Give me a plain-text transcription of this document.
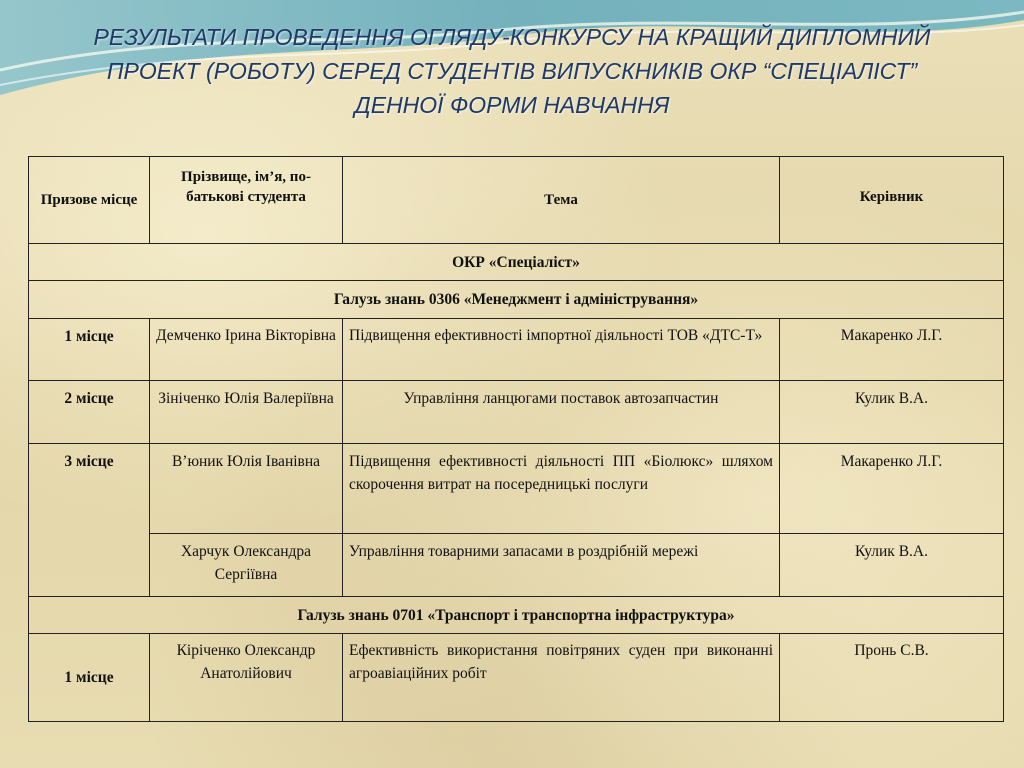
РЕЗУЛЬТАТИ ПРОВЕДЕННЯ ОГЛЯДУ-КОНКУРСУ НА КРАЩИЙ ДИПЛОМНИЙ
ПРОЕКТ (РОБОТУ) СЕРЕД СТУДЕНТІВ ВИПУСКНИКІВ ОКР “СПЕЦІАЛІСТ”
ДЕННОЇ ФОРМИ НАВЧАННЯ
Призове місце	Прізвище, ім’я, по-батькові студента	Тема	Керівник
ОКР «Спеціаліст»			
Галузь знань 0306 «Менеджмент і адміністрування»			
1 місце	Демченко Ірина Вікторівна	Підвищення ефективності імпортної діяльності ТОВ «ДТС-Т»	Макаренко Л.Г.
2 місце	Зініченко Юлія Валеріївна	Управління ланцюгами поставок автозапчастин	Кулик В.А.
3 місце	В’юник Юлія Іванівна	Підвищення ефективності діяльності ПП «Біолюкс» шляхом скорочення витрат на посередницькі послуги	Макаренко Л.Г.
	Харчук Олександра Сергіївна	Управління товарними запасами в роздрібній мережі	Кулик В.А.
Галузь знань 0701 «Транспорт і транспортна інфраструктура»			
1 місце	Кіріченко Олександр Анатолійович	Ефективність використання повітряних суден при виконанні агроавіаційних робіт	Пронь С.В.
